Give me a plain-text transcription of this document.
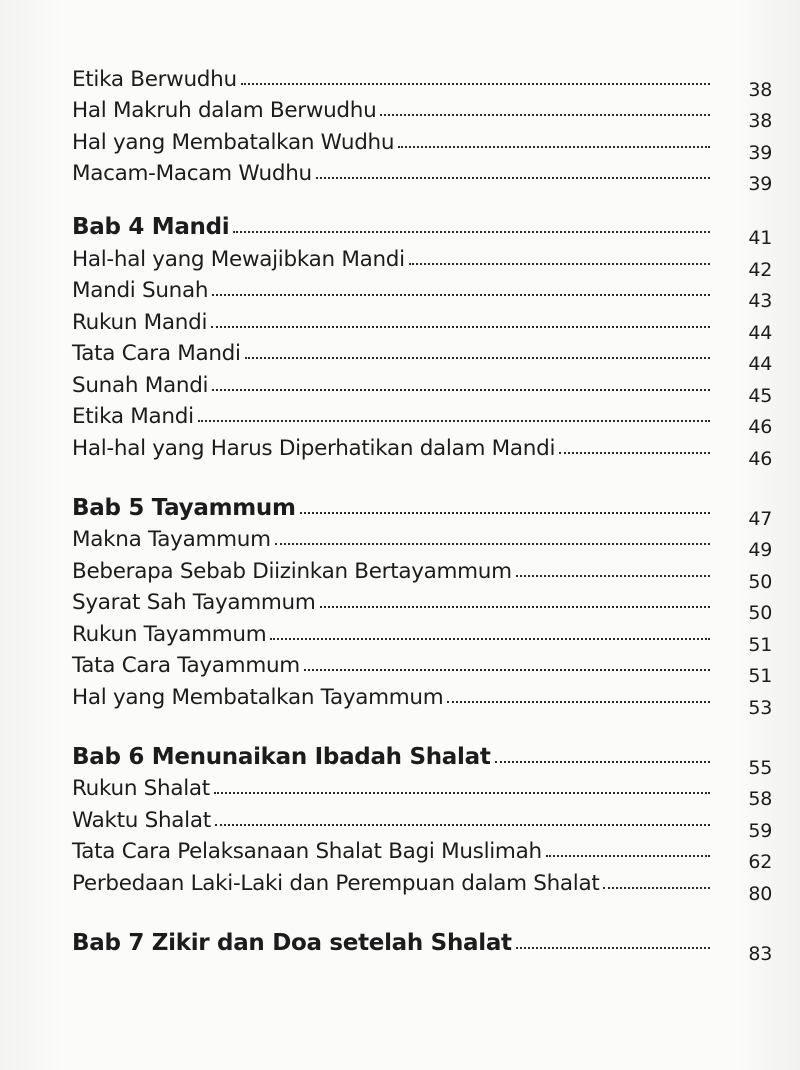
Etika Berwudhu	38
Hal Makruh dalam Berwudhu	38
Hal yang Membatalkan Wudhu	39
Macam-Macam Wudhu	39
Bab 4 Mandi	41
Hal-hal yang Mewajibkan Mandi	42
Mandi Sunah	43
Rukun Mandi	44
Tata Cara Mandi	44
Sunah Mandi	45
Etika Mandi	46
Hal-hal yang Harus Diperhatikan dalam Mandi	46
Bab 5 Tayammum	47
Makna Tayammum	49
Beberapa Sebab Diizinkan Bertayammum	50
Syarat Sah Tayammum	50
Rukun Tayammum	51
Tata Cara Tayammum	51
Hal yang Membatalkan Tayammum	53
Bab 6 Menunaikan Ibadah Shalat	55
Rukun Shalat	58
Waktu Shalat	59
Tata Cara Pelaksanaan Shalat Bagi Muslimah	62
Perbedaan Laki-Laki dan Perempuan dalam Shalat	80
Bab 7 Zikir dan Doa setelah Shalat	83
